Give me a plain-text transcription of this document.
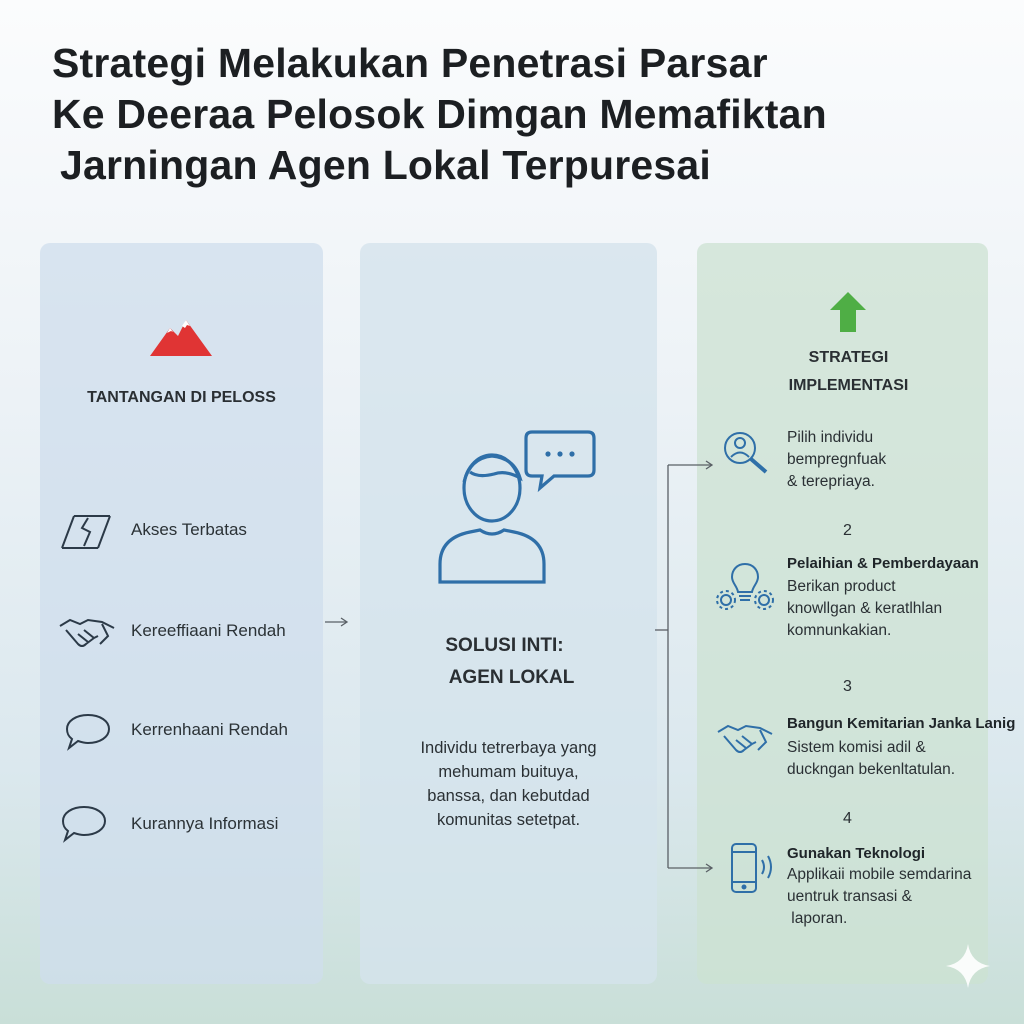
Strategi Melakukan Penetrasi Parsar
Ke Deeraa Pelosok Dimgan Memafiktan
Jarningan Agen Lokal Terpuresai
TANTANGAN DI PELOSS
Akses Terbatas
Kereeffiaani Rendah
Kerrenhaani Rendah
Kurannya Informasi
SOLUSI INTI:
AGEN LOKAL
Individu tetrerbaya yang
mehumam buituya,
banssa, dan kebutdad
komunitas setetpat.
STRATEGI
IMPLEMENTASI
Pilih individu
bempregnfuak
& terepriaya.
2
Pelaihian & Pemberdayaan
Berikan product
knowllgan & keratlhlan
komnunkakian.
3
Bangun Kemitarian Janka Lanig
Sistem komisi adil &
duckngan bekenltatulan.
4
Gunakan Teknologi
Applikaii mobile semdarina
uentruk transasi &
laporan.
